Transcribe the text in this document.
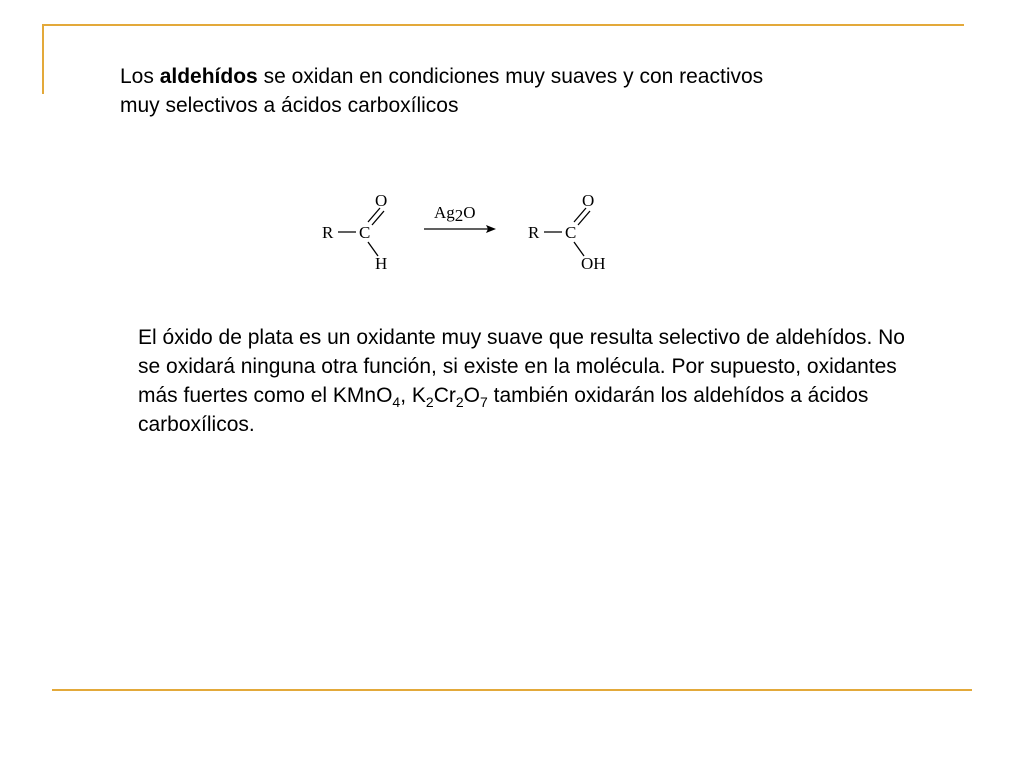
Los aldehídos se oxidan en condiciones muy suaves y con reactivos
muy selectivos a ácidos carboxílicos

O
R C
H
Ag2O
O
R C
OH

El óxido de plata es un oxidante muy suave que resulta selectivo de aldehídos. No se oxidará ninguna otra función, si existe en la molécula. Por supuesto, oxidantes más fuertes como el KMnO$_4$, $K_2Cr_2O_7$ también oxidarán los aldehídos a ácidos carboxílicos.
